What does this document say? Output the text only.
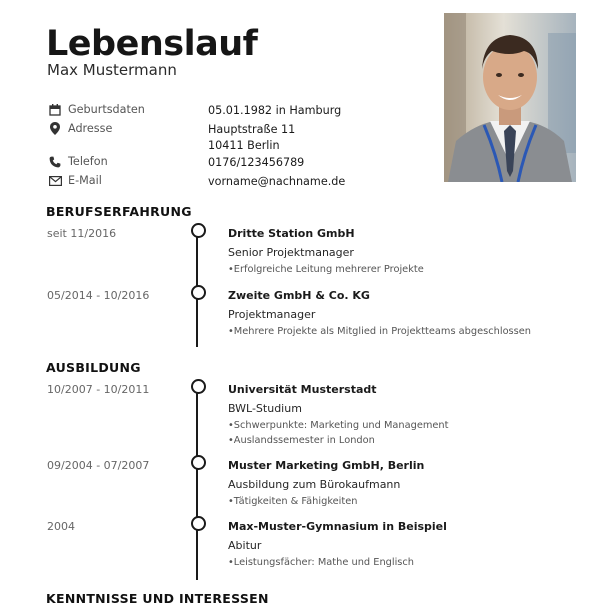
Lebenslauf
Max Mustermann
Geburtsdaten	05.01.1982 in Hamburg
Adresse	Hauptstraße 11
10411 Berlin
Telefon	0176/123456789
E-Mail	vorname@nachname.de
BERUFSERFAHRUNG
seit 11/2016	Dritte Station GmbH
Senior Projektmanager
• Erfolgreiche Leitung mehrerer Projekte
05/2014 - 10/2016	Zweite GmbH & Co. KG
Projektmanager
• Mehrere Projekte als Mitglied in Projektteams abgeschlossen
AUSBILDUNG
10/2007 - 10/2011	Universität Musterstadt
BWL-Studium
• Schwerpunkte: Marketing und Management
• Auslandssemester in London
09/2004 - 07/2007	Muster Marketing GmbH, Berlin
Ausbildung zum Bürokaufmann
• Tätigkeiten & Fähigkeiten
2004	Max-Muster-Gymnasium in Beispiel
Abitur
• Leistungsfächer: Mathe und Englisch
KENNTNISSE UND INTERESSEN
